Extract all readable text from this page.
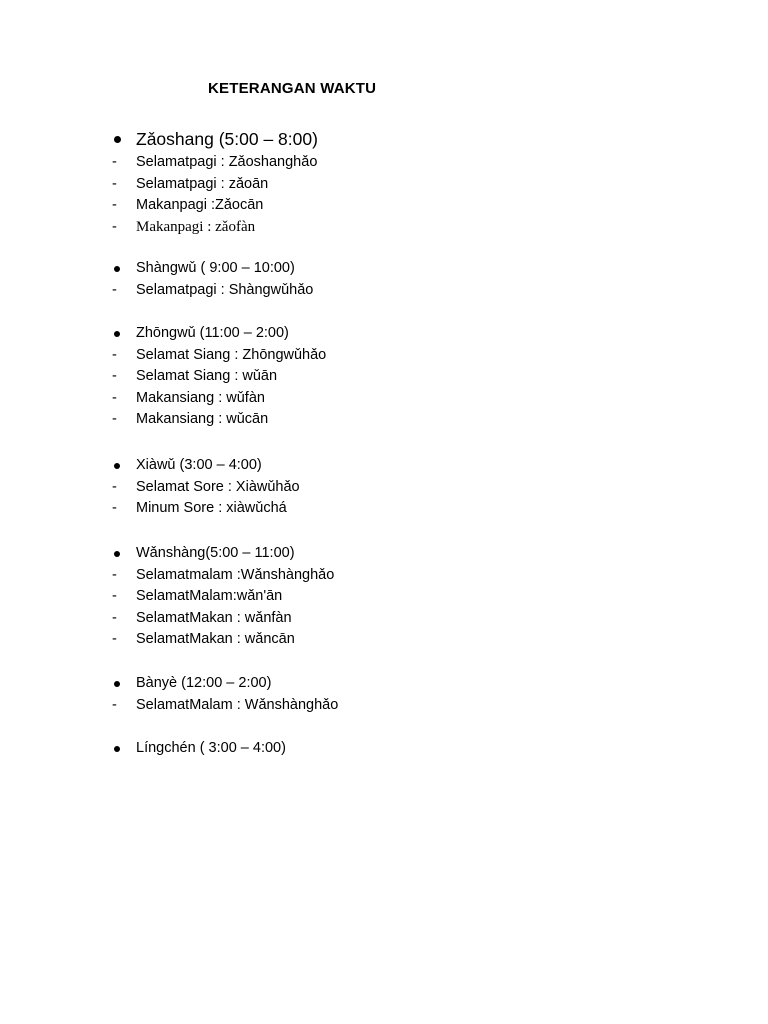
KETERANGAN WAKTU
Zǎoshang (5:00 – 8:00)
-	Selamatpagi : Zǎoshanghǎo
-	Selamatpagi : zǎoān
-	Makanpagi :Zǎocān
-	Makanpagi : zǎofàn
Shàngwǔ ( 9:00 – 10:00)
-	Selamatpagi : Shàngwǔhǎo
Zhōngwǔ (11:00 – 2:00)
-	Selamat Siang : Zhōngwǔhǎo
-	Selamat Siang : wǔān
-	Makansiang : wǔfàn
-	Makansiang : wǔcān
Xiàwǔ (3:00 – 4:00)
-	Selamat Sore : Xiàwǔhǎo
-	Minum Sore : xiàwǔchá
Wǎnshàng(5:00 – 11:00)
-	Selamatmalam :Wǎnshànghǎo
-	SelamatMalam:wǎn'ān
-	SelamatMakan : wǎnfàn
-	SelamatMakan : wǎncān
Bànyè (12:00 – 2:00)
-	SelamatMalam : Wǎnshànghǎo
Língchén ( 3:00 – 4:00)
